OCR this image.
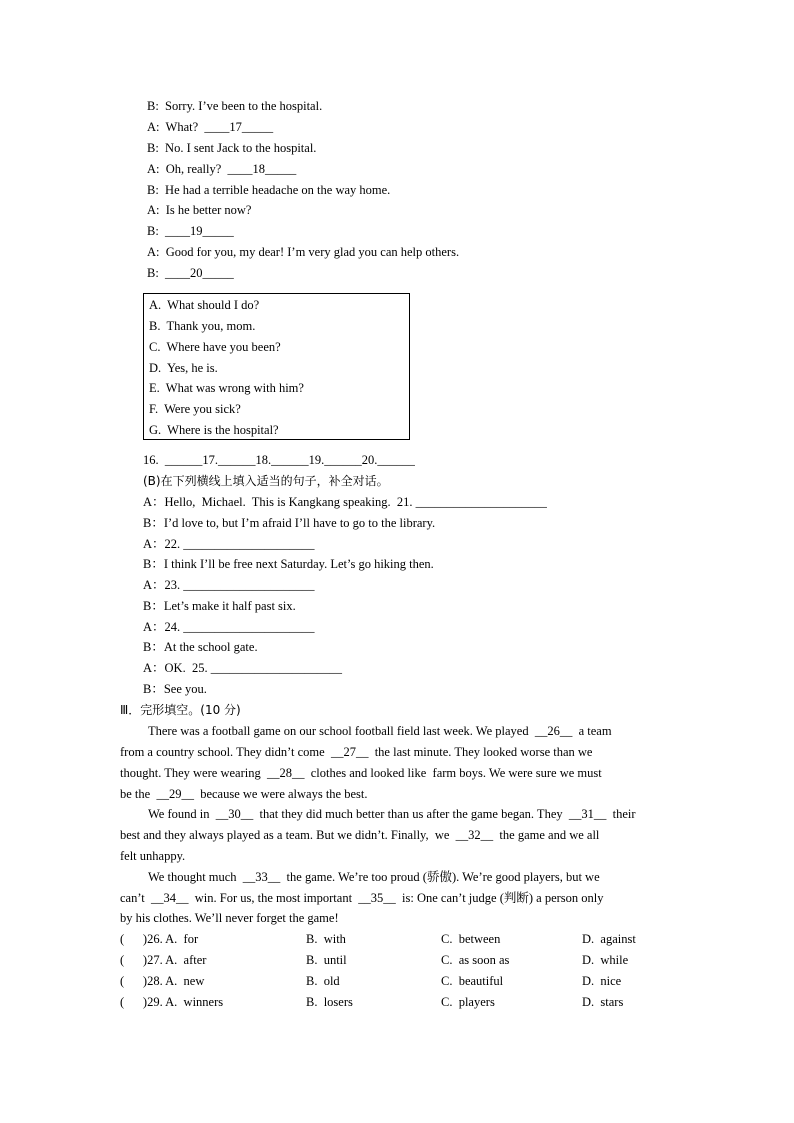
B:  Sorry. I’ve been to the hospital.
A:  What?  ____17_____
B:  No. I sent Jack to the hospital.
A:  Oh, really?  ____18_____
B:  He had a terrible headache on the way home.
A:  Is he better now?
B:  ____19_____
A:  Good for you, my dear! I’m very glad you can help others.
B:  ____20_____
A.  What should I do?
B.  Thank you, mom.
C.  Where have you been?
D.  Yes, he is.
E.  What was wrong with him?
F.  Were you sick?
G.  Where is the hospital?
16.  ______17.______18.______19.______20.______
(B)在下列横线上填入适当的句子，补全对话。
A：Hello,  Michael.  This is Kangkang speaking.  21. _____________________
B：I’d love to, but I’m afraid I’ll have to go to the library.
A：22. _____________________
B：I think I’ll be free next Saturday. Let’s go hiking then.
A：23. _____________________
B：Let’s make it half past six.
A：24. _____________________
B：At the school gate.
A：OK.  25. _____________________
B：See you.
Ⅲ．完形填空。(10 分)
There was a football game on our school football field last week. We played  __26__  a team
from a country school. They didn’t come  __27__  the last minute. They looked worse than we
thought. They were wearing  __28__  clothes and looked like  farm boys. We were sure we must
be the  __29__  because we were always the best.
We found in  __30__  that they did much better than us after the game began. They  __31__  their
best and they always played as a team. But we didn’t. Finally,  we  __32__  the game and we all
felt unhappy.
We thought much  __33__  the game. We’re too proud (骄傲). We’re good players, but we
can’t  __34__  win. For us, the most important  __35__  is: One can’t judge (判断) a person only
by his clothes. We’ll never forget the game!
(      )26. A.  for	B.  with	C.  between	D.  against
(      )27. A.  after	B.  until	C.  as soon as	D.  while
(      )28. A.  new	B.  old	C.  beautiful	D.  nice
(      )29. A.  winners	B.  losers	C.  players	D.  stars
